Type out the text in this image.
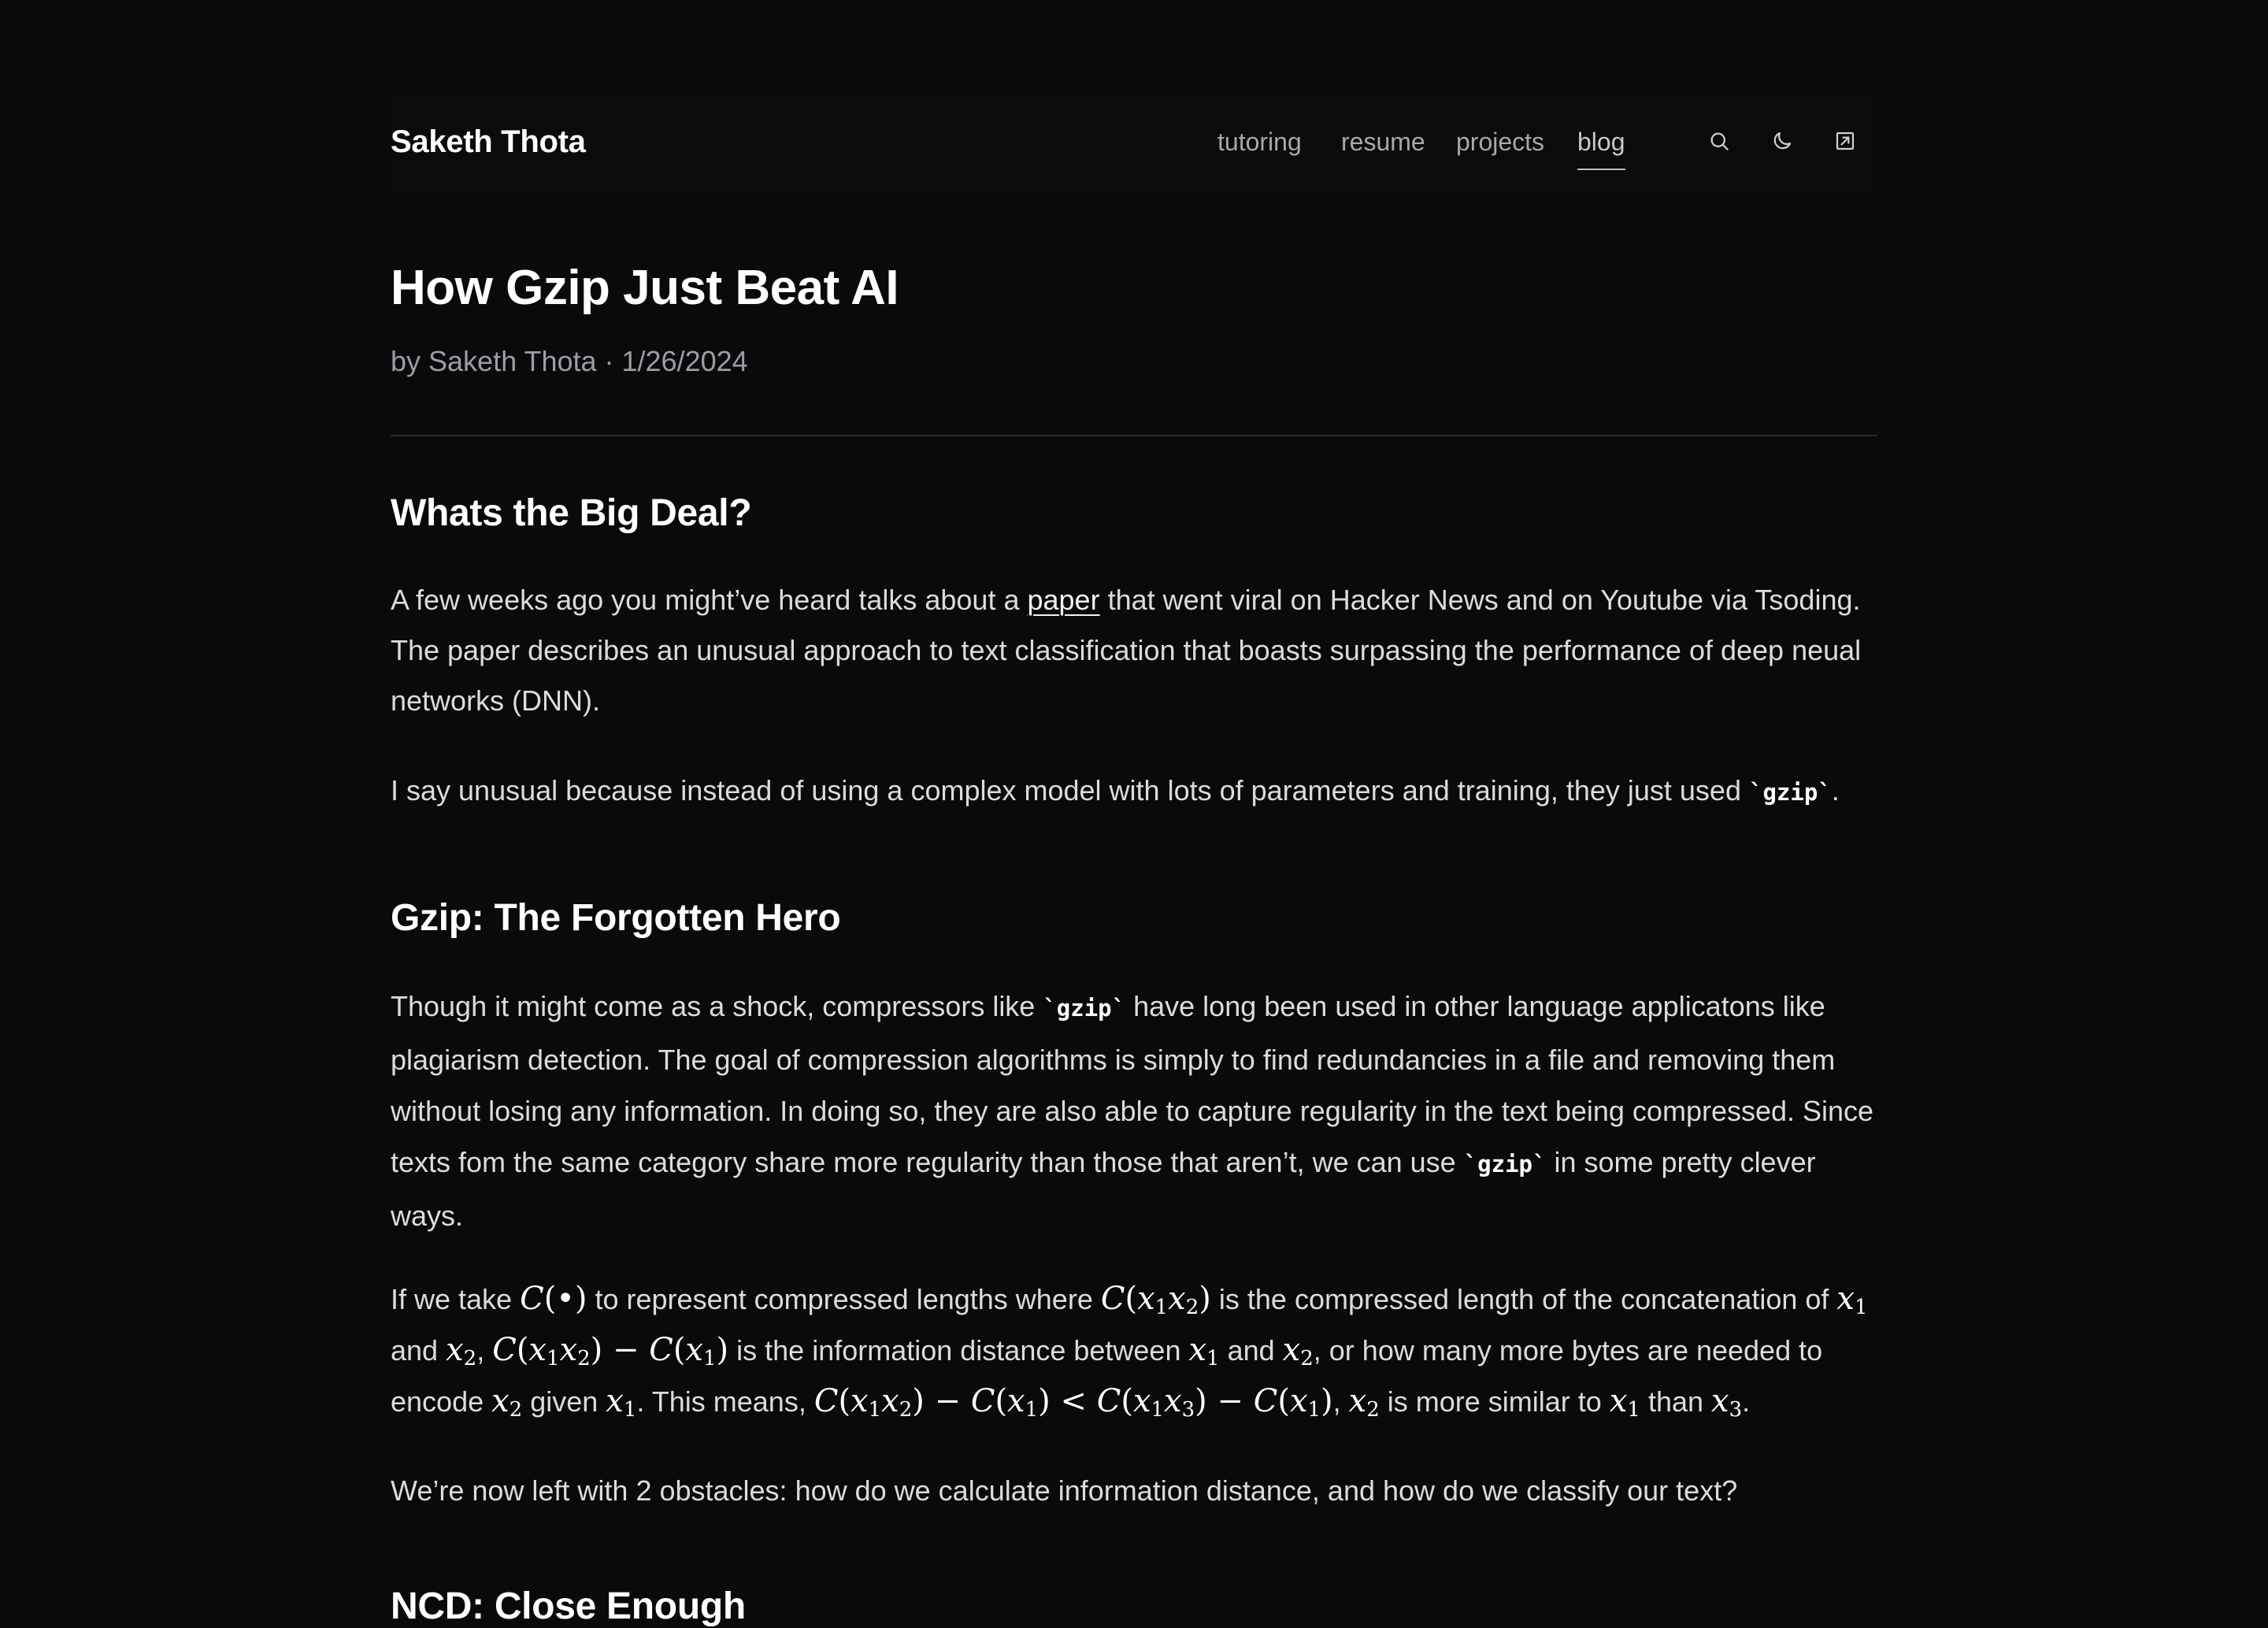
Saketh Thota	tutoring resume projects blog
How Gzip Just Beat AI
by Saketh Thota · 1/26/2024
Whats the Big Deal?

A few weeks ago you might’ve heard talks about a paper that went viral on Hacker News and on Youtube via Tsoding. The paper describes an unusual approach to text classification that boasts surpassing the performance of deep neual networks (DNN).

I say unusual because instead of using a complex model with lots of parameters and training, they just used `gzip`.

Gzip: The Forgotten Hero

Though it might come as a shock, compressors like `gzip` have long been used in other language applicatons like plagiarism detection. The goal of compression algorithms is simply to find redundancies in a file and removing them without losing any information. In doing so, they are also able to capture regularity in the text being compressed. Since texts fom the same category share more regularity than those that aren’t, we can use `gzip` in some pretty clever ways.

If we take C(•) to represent compressed lengths where $C(x_1x_2)$ is the compressed length of the concatenation of $x_1$ and $x_2$, $C(x_1x_2) - C(x_1)$ is the information distance between $x_1$ and $x_2$, or how many more bytes are needed to encode $x_2$ given $x_1$. This means, $C(x_1x_2) - C(x_1) < C(x_1x_3) - C(x_1)$, $x_2$ is more similar to $x_1$ than $x_3$.

We’re now left with 2 obstacles: how do we calculate information distance, and how do we classify our text?

NCD: Close Enough
